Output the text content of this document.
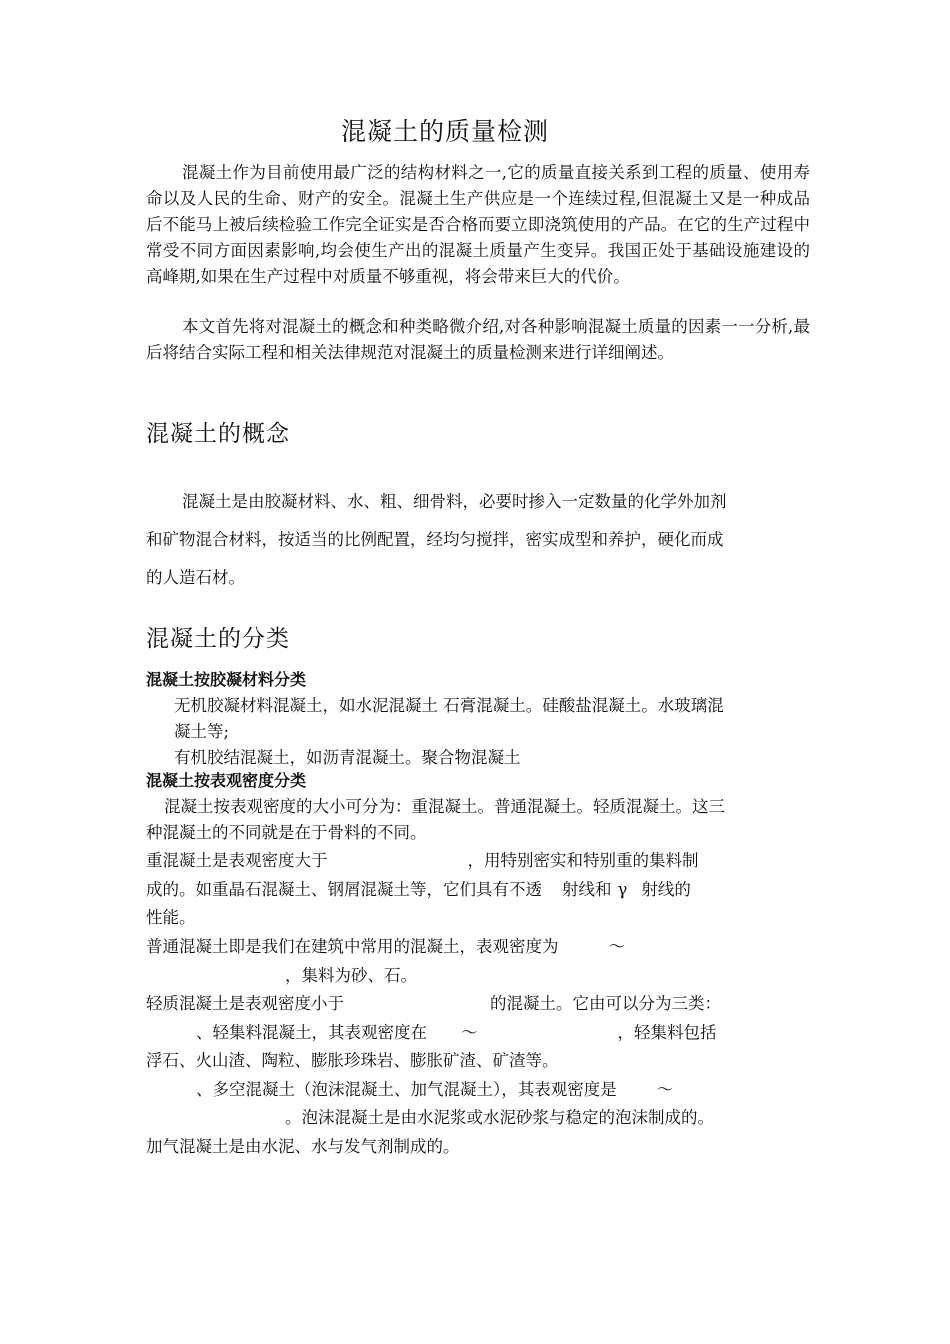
混凝土的质量检测

混凝土作为目前使用最广泛的结构材料之一,它的质量直接关系到工程的质量、使用寿命以及人民的生命、财产的安全。混凝土生产供应是一个连续过程,但混凝土又是一种成品后不能马上被后续检验工作完全证实是否合格而要立即浇筑使用的产品。在它的生产过程中常受不同方面因素影响,均会使生产出的混凝土质量产生变异。我国正处于基础设施建设的高峰期,如果在生产过程中对质量不够重视，将会带来巨大的代价。

本文首先将对混凝土的概念和种类略微介绍,对各种影响混凝土质量的因素一一分析,最后将结合实际工程和相关法律规范对混凝土的质量检测来进行详细阐述。

混凝土的概念
混凝土是由胶凝材料、水、粗、细骨料，必要时掺入一定数量的化学外加剂
和矿物混合材料，按适当的比例配置，经均匀搅拌，密实成型和养护，硬化而成
的人造石材。
混凝土的分类
混凝土按胶凝材料分类
无机胶凝材料混凝土，如水泥混凝土 石膏混凝土。硅酸盐混凝土。水玻璃混
凝土等;
有机胶结混凝土，如沥青混凝土。聚合物混凝土
混凝土按表观密度分类
混凝土按表观密度的大小可分为：重混凝土。普通混凝土。轻质混凝土。这三
种混凝土的不同就是在于骨料的不同。
重混凝土是表观密度大于	，用特别密实和特别重的集料制
成的。如重晶石混凝土、钢屑混凝土等，它们具有不透 射线和 γ 射线的
性能。
普通混凝土即是我们在建筑中常用的混凝土，表观密度为	～
，集料为砂、石。
轻质混凝土是表观密度小于	的混凝土。它由可以分为三类：
、轻集料混凝土，其表观密度在 ～	，轻集料包括
浮石、火山渣、陶粒、膨胀珍珠岩、膨胀矿渣、矿渣等。
、多空混凝土（泡沫混凝土、加气混凝土），其表观密度是 ～
。泡沫混凝土是由水泥浆或水泥砂浆与稳定的泡沫制成的。
加气混凝土是由水泥、水与发气剂制成的。
